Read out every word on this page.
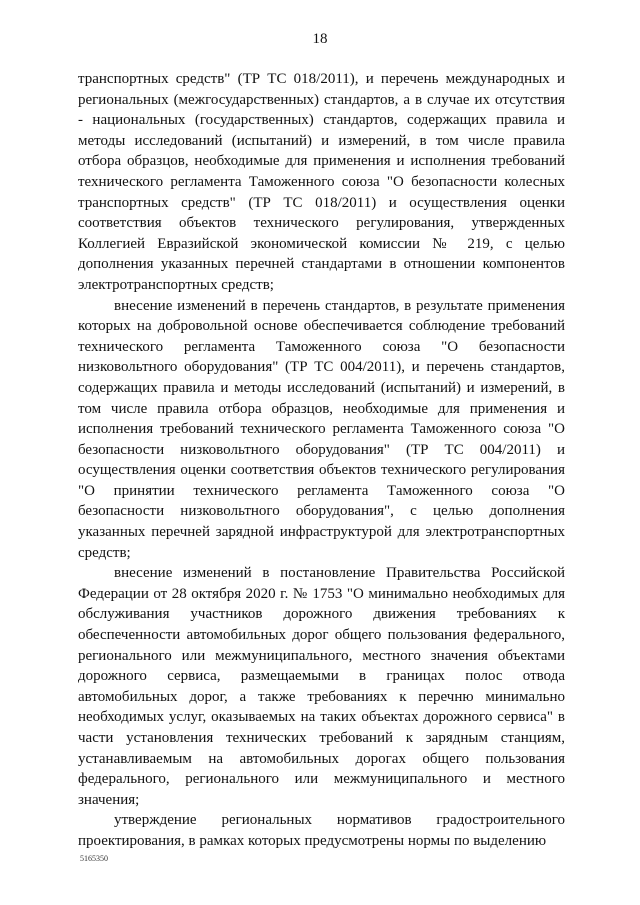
18

транспортных средств" (ТР ТС 018/2011), и перечень международных и региональных (межгосударственных) стандартов, а в случае их отсутствия - национальных (государственных) стандартов, содержащих правила и методы исследований (испытаний) и измерений, в том числе правила отбора образцов, необходимые для применения и исполнения требований технического регламента Таможенного союза "О безопасности колесных транспортных средств" (ТР ТС 018/2011) и осуществления оценки соответствия объектов технического регулирования, утвержденных Коллегией Евразийской экономической комиссии № 219, с целью дополнения указанных перечней стандартами в отношении компонентов электротранспортных средств;

внесение изменений в перечень стандартов, в результате применения которых на добровольной основе обеспечивается соблюдение требований технического регламента Таможенного союза "О безопасности низковольтного оборудования" (ТР ТС 004/2011), и перечень стандартов, содержащих правила и методы исследований (испытаний) и измерений, в том числе правила отбора образцов, необходимые для применения и исполнения требований технического регламента Таможенного союза "О безопасности низковольтного оборудования" (ТР ТС 004/2011) и осуществления оценки соответствия объектов технического регулирования "О принятии технического регламента Таможенного союза "О безопасности низковольтного оборудования", с целью дополнения указанных перечней зарядной инфраструктурой для электротранспортных средств;

внесение изменений в постановление Правительства Российской Федерации от 28 октября 2020 г. № 1753 "О минимально необходимых для обслуживания участников дорожного движения требованиях к обеспеченности автомобильных дорог общего пользования федерального, регионального или межмуниципального, местного значения объектами дорожного сервиса, размещаемыми в границах полос отвода автомобильных дорог, а также требованиях к перечню минимально необходимых услуг, оказываемых на таких объектах дорожного сервиса" в части установления технических требований к зарядным станциям, устанавливаемым на автомобильных дорогах общего пользования федерального, регионального или межмуниципального и местного значения;

утверждение региональных нормативов градостроительного проектирования, в рамках которых предусмотрены нормы по выделению

5165350
